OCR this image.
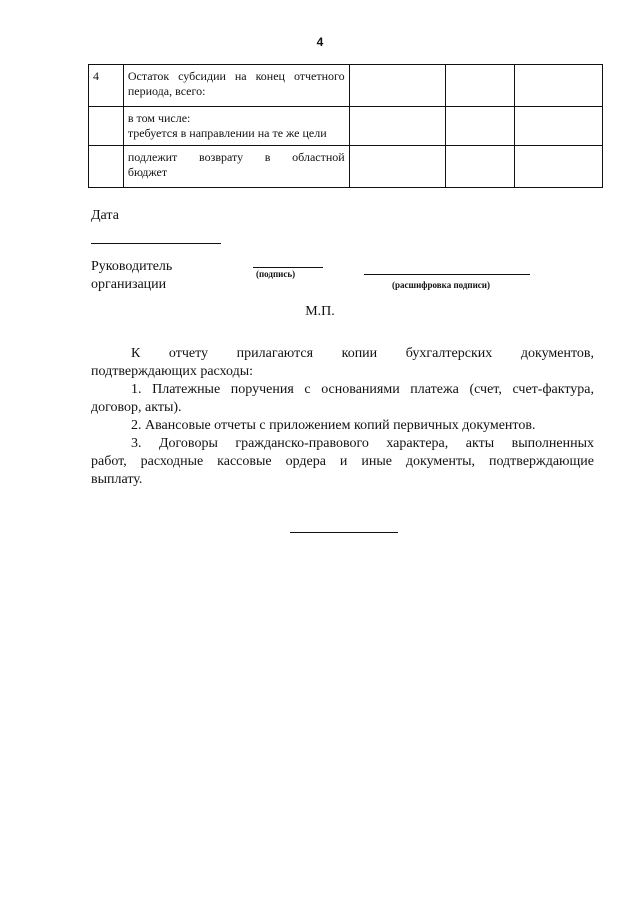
4
4	Остаток субсидии на конец отчетного
периода, всего:			

	в том числе:
требуется в направлении на те же цели			

	подлежит возврату в областной
бюджет			

Дата
Руководитель
организации
(подпись)
(расшифровка подписи)
М.П.
К отчету прилагаются копии бухгалтерских документов,
подтверждающих расходы:
1. Платежные поручения с основаниями платежа (счет, счет-фактура,
договор, акты).
2. Авансовые отчеты с приложением копий первичных документов.
3. Договоры гражданско-правового характера, акты выполненных
работ, расходные кассовые ордера и иные документы, подтверждающие
выплату.
